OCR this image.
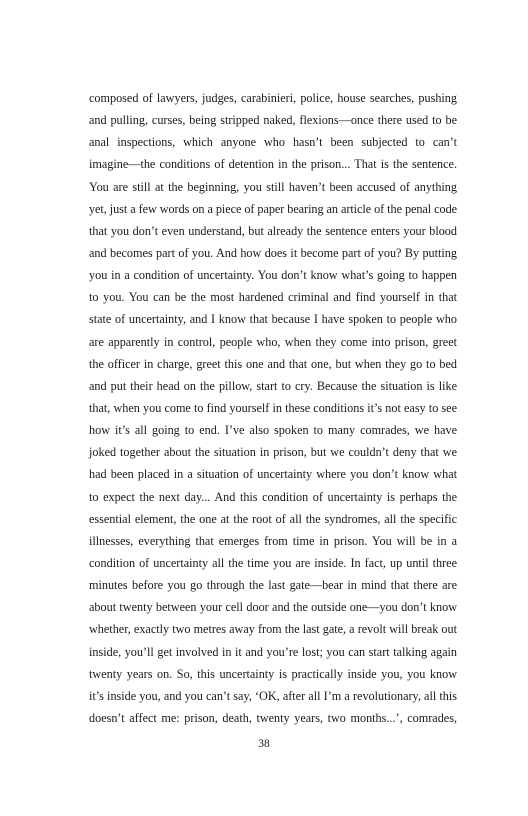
composed of lawyers, judges, carabinieri, police, house searches, pushing
and pulling, curses, being stripped naked, flexions—once there used to be
anal inspections, which anyone who hasn’t been subjected to can’t
imagine—the conditions of detention in the prison... That is the sentence.
You are still at the beginning, you still haven’t been accused of anything
yet, just a few words on a piece of paper bearing an article of the penal code
that you don’t even understand, but already the sentence enters your blood
and becomes part of you. And how does it become part of you? By putting
you in a condition of uncertainty. You don’t know what’s going to happen
to you. You can be the most hardened criminal and find yourself in that
state of uncertainty, and I know that because I have spoken to people who
are apparently in control, people who, when they come into prison, greet
the officer in charge, greet this one and that one, but when they go to bed
and put their head on the pillow, start to cry. Because the situation is like
that, when you come to find yourself in these conditions it’s not easy to see
how it’s all going to end. I’ve also spoken to many comrades, we have
joked together about the situation in prison, but we couldn’t deny that we
had been placed in a situation of uncertainty where you don’t know what
to expect the next day... And this condition of uncertainty is perhaps the
essential element, the one at the root of all the syndromes, all the specific
illnesses, everything that emerges from time in prison. You will be in a
condition of uncertainty all the time you are inside. In fact, up until three
minutes before you go through the last gate—bear in mind that there are
about twenty between your cell door and the outside one—you don’t know
whether, exactly two metres away from the last gate, a revolt will break out
inside, you’ll get involved in it and you’re lost; you can start talking again
twenty years on. So, this uncertainty is practically inside you, you know
it’s inside you, and you can’t say, ‘OK, after all I’m a revolutionary, all this
doesn’t affect me: prison, death, twenty years, two months...’, comrades,
38
